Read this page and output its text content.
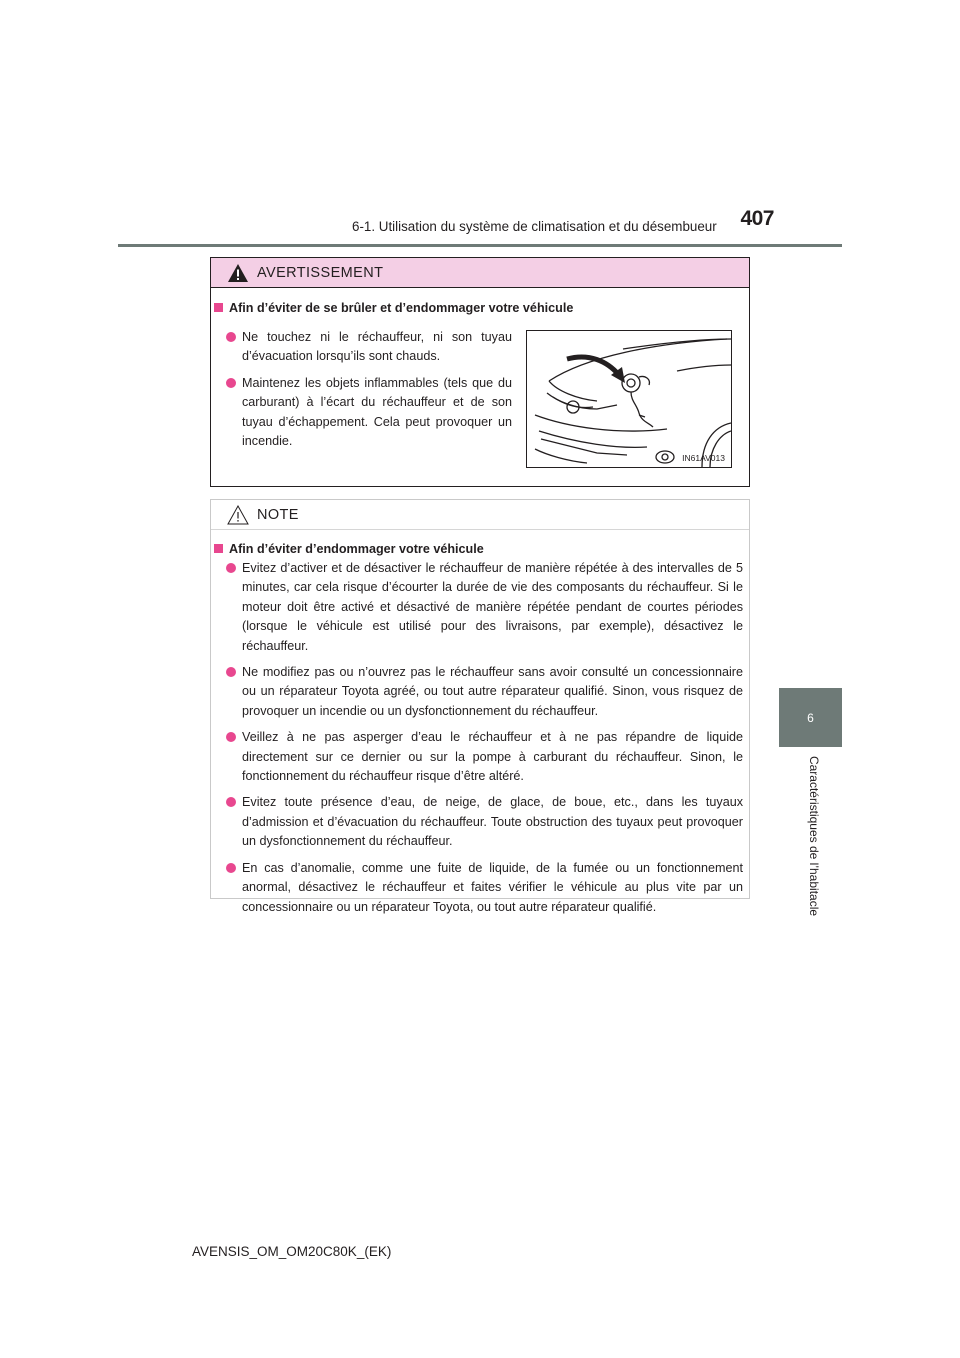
6-1. Utilisation du système de climatisation et du désembueur	407
6
Caractéristiques de l’habitacle
AVERTISSEMENT
Afin d’éviter de se brûler et d’endommager votre véhicule
Ne touchez ni le réchauffeur, ni son tuyau d’évacuation lorsqu’ils sont chauds.
Maintenez les objets inflammables (tels que du carburant) à l’écart du réchauffeur et de son tuyau d’échappement. Cela peut provoquer un incendie.
IN61AV013
NOTE
Afin d’éviter d’endommager votre véhicule
Evitez d’activer et de désactiver le réchauffeur de manière répétée à des intervalles de 5 minutes, car cela risque d’écourter la durée de vie des composants du réchauffeur. Si le moteur doit être activé et désactivé de manière répétée pendant de courtes périodes (lorsque le véhicule est utilisé pour des livraisons, par exemple), désactivez le réchauffeur.
Ne modifiez pas ou n’ouvrez pas le réchauffeur sans avoir consulté un concessionnaire ou un réparateur Toyota agréé, ou tout autre réparateur qualifié. Sinon, vous risquez de provoquer un incendie ou un dysfonctionnement du réchauffeur.
Veillez à ne pas asperger d’eau le réchauffeur et à ne pas répandre de liquide directement sur ce dernier ou sur la pompe à carburant du réchauffeur. Sinon, le fonctionnement du réchauffeur risque d’être altéré.
Evitez toute présence d’eau, de neige, de glace, de boue, etc., dans les tuyaux d’admission et d’évacuation du réchauffeur. Toute obstruction des tuyaux peut provoquer un dysfonctionnement du réchauffeur.
En cas d’anomalie, comme une fuite de liquide, de la fumée ou un fonctionnement anormal, désactivez le réchauffeur et faites vérifier le véhicule au plus vite par un concessionnaire ou un réparateur Toyota, ou tout autre réparateur qualifié.
AVENSIS_OM_OM20C80K_(EK)
